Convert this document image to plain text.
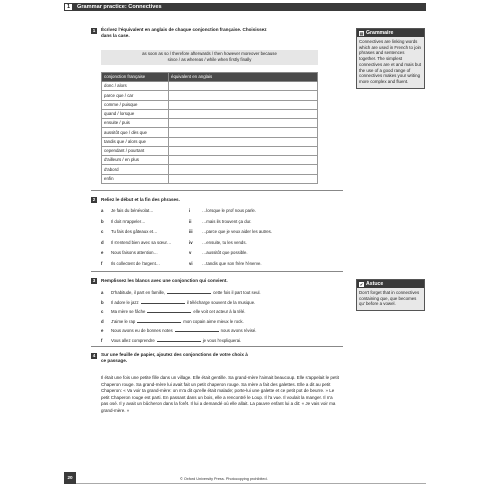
1	Grammar practice: Connectives
1	Écrivez l'équivalent en anglais de chaque conjonction française. Choisissez
dans la case.
as soon as so / therefore afterwards / then however moreover because
since / as whereas / while when firstly finally
conjonction française	équivalent en anglais
donc / alors	
parce que / car	
comme / puisque	
quand / lorsque	
ensuite / puis	
aussitôt que / dès que	
tandis que / alors que	
cependant / pourtant	
d'ailleurs / en plus	
d'abord	
enfin	
▤ Grammaire
Connectives are linking words which are used in French to join phrases and sentences together. The simplest connectives are et and mais but the use of a good range of connectives makes your writing more complex and fluent.
2	Reliez le début et la fin des phrases.
a	Je fais du bénévolat…	i	…lorsque le prof nous parle.
b	Il doit m'appeler…	ii	…mais ils trouvent ça dur.
c	Tu fais des gâteaux et…	iii	…parce que je veux aider les autres.
d	Il s'entend bien avec sa sœur…	iv	…ensuite, tu les vends.
e	Nous faisons attention…	v	…aussitôt que possible.
f	Ils collectent de l'argent…	vi	…tandis que son frère l'énerve.
3	Remplissez les blancs avec une conjonction qui convient.
a	D'habitude, il part en famille,	cette fois il part tout seul.
b	Il adore le jazz	il télécharge souvent de la musique.
c	Ma mère se fâche	elle voit cet acteur à la télé.
d	J'aime le rap	mon copain aime mieux le rock.
e	Nous avons eu de bonnes notes	nous avons révisé.
f	Vous allez comprendre	je vous l'expliquerai.
✔ Astuce
Don't forget that in connectives containing que, que becomes qu' before a vowel.
4	Sur une feuille de papier, ajoutez des conjonctions de votre choix à
ce passage.
Il était une fois une petite fille dans un village. Elle était gentille. Sa grand-mère l'aimait beaucoup. Elle s'appelait le petit Chaperon rouge. Sa grand-mère lui avait fait un petit chaperon rouge. Sa mère a fait des galettes. Elle a dit au petit Chaperon: « Va voir ta grand-mère: on m'a dit qu'elle était malade; porte-lui une galette et ce petit pot de beurre. » Le petit Chaperon rouge est parti. En passant dans un bois, elle a rencontré le Loup. Il l'a vue. Il voulait la manger. Il n'a pas osé. Il y avait un bûcheron dans la forêt. Il lui a demandé où elle allait. La pauvre enfant lui a dit: « Je vais voir ma grand-mère. »
20	© Oxford University Press. Photocopying prohibited.
